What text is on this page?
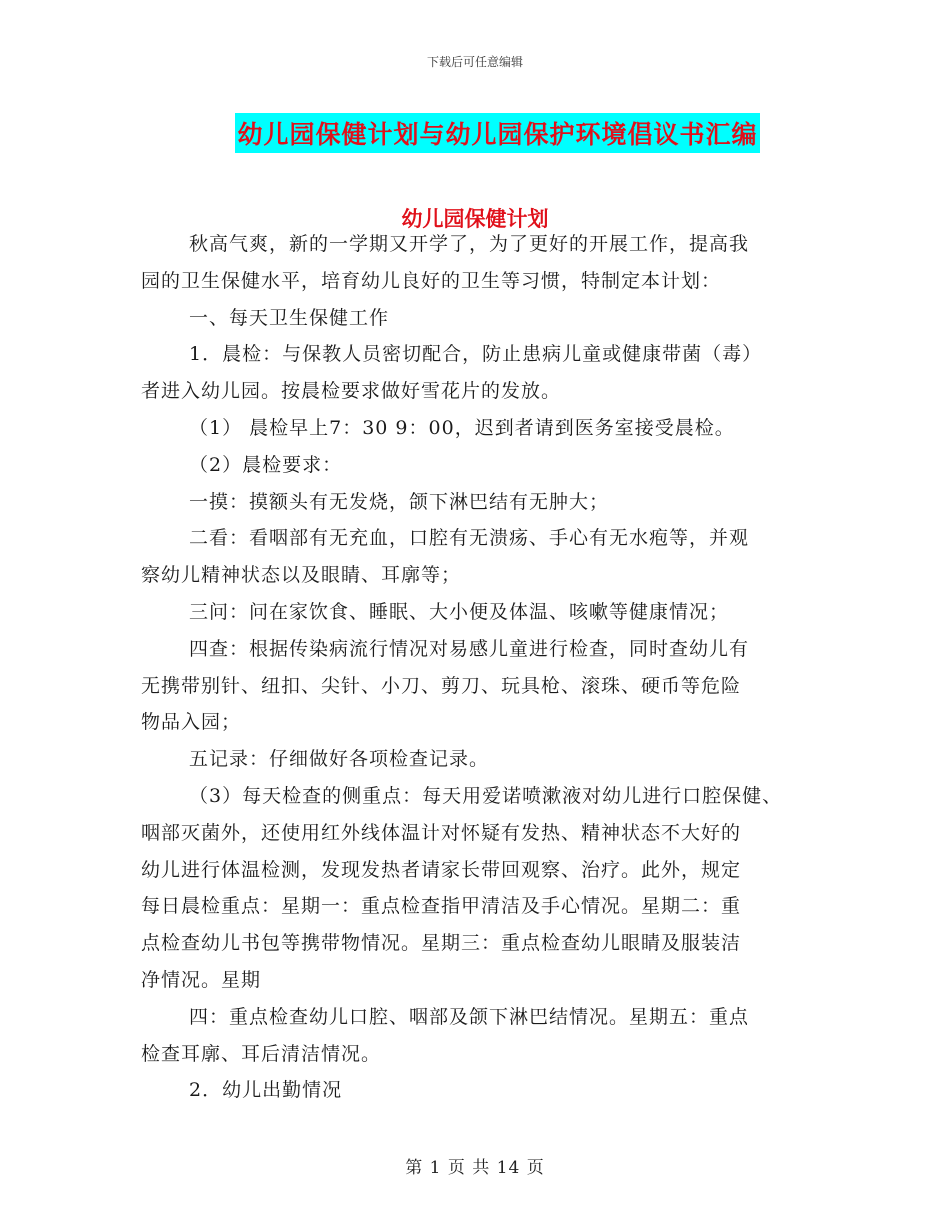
下载后可任意编辑
幼儿园保健计划与幼儿园保护环境倡议书汇编
幼儿园保健计划

秋高气爽，新的一学期又开学了，为了更好的开展工作，提高我

园的卫生保健水平，培育幼儿良好的卫生等习惯，特制定本计划：

一、每天卫生保健工作

1．晨检：与保教人员密切配合，防止患病儿童或健康带菌（毒）

者进入幼儿园。按晨检要求做好雪花片的发放。

（1） 晨检早上7：30 9：00，迟到者请到医务室接受晨检。

（2）晨检要求：

一摸：摸额头有无发烧，颌下淋巴结有无肿大；

二看：看咽部有无充血，口腔有无溃疡、手心有无水疱等，并观

察幼儿精神状态以及眼睛、耳廓等；

三问：问在家饮食、睡眠、大小便及体温、咳嗽等健康情况；

四查：根据传染病流行情况对易感儿童进行检查，同时查幼儿有

无携带别针、纽扣、尖针、小刀、剪刀、玩具枪、滚珠、硬币等危险

物品入园；

五记录：仔细做好各项检查记录。

（3）每天检查的侧重点：每天用爱诺喷漱液对幼儿进行口腔保健、

咽部灭菌外，还使用红外线体温计对怀疑有发热、精神状态不大好的

幼儿进行体温检测，发现发热者请家长带回观察、治疗。此外，规定

每日晨检重点：星期一：重点检查指甲清洁及手心情况。星期二：重

点检查幼儿书包等携带物情况。星期三：重点检查幼儿眼睛及服装洁

净情况。星期

四：重点检查幼儿口腔、咽部及颌下淋巴结情况。星期五：重点

检查耳廓、耳后清洁情况。

2．幼儿出勤情况

第 1 页 共 14 页
